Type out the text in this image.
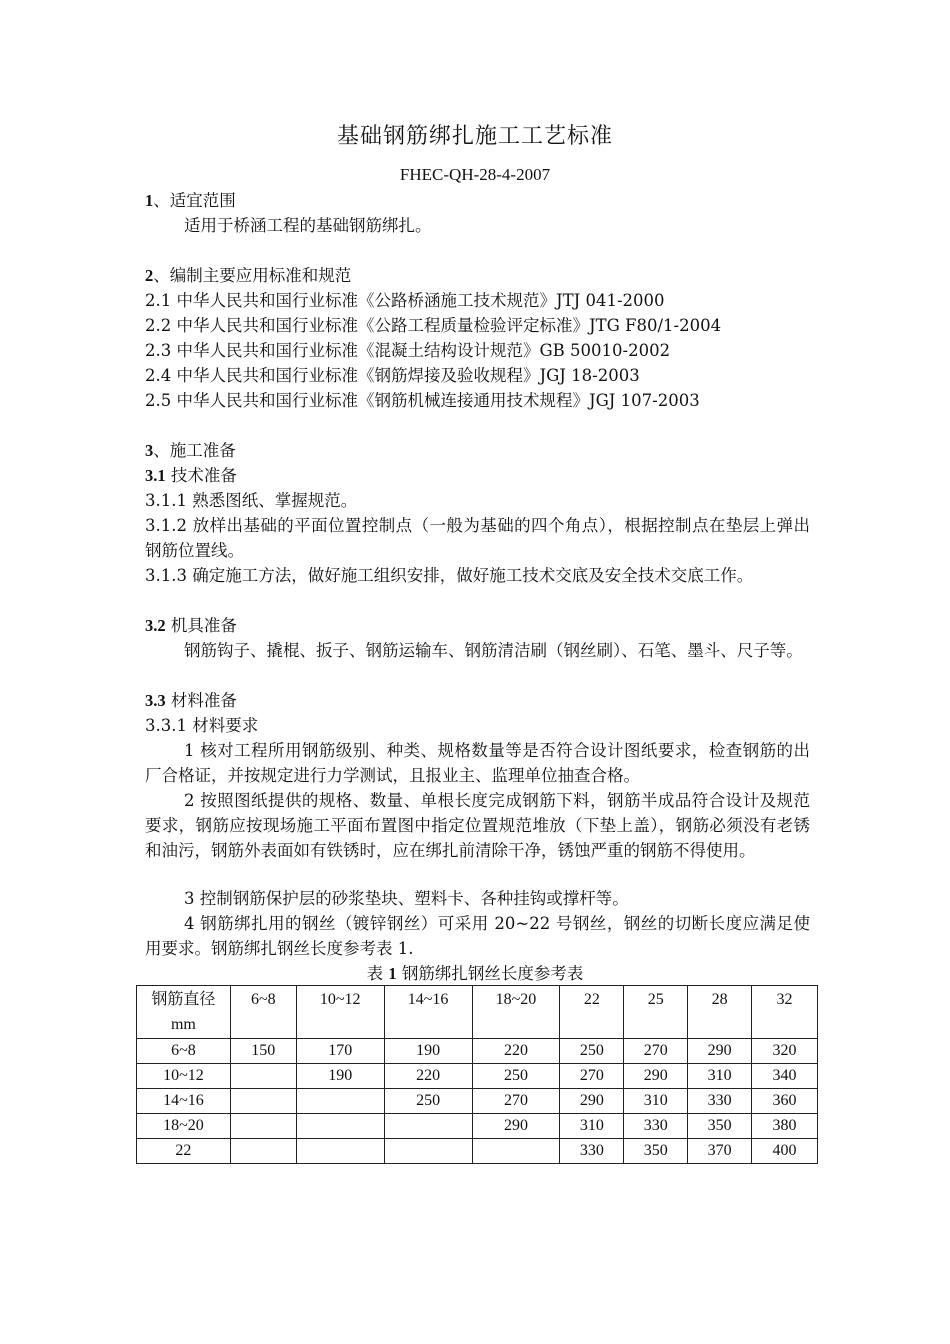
基础钢筋绑扎施工工艺标准
FHEC-QH-28-4-2007
1、适宜范围
适用于桥涵工程的基础钢筋绑扎。
2、编制主要应用标准和规范
2.1 中华人民共和国行业标准《公路桥涵施工技术规范》JTJ 041-2000
2.2 中华人民共和国行业标准《公路工程质量检验评定标准》JTG F80/1-2004
2.3 中华人民共和国行业标准《混凝土结构设计规范》GB 50010-2002
2.4 中华人民共和国行业标准《钢筋焊接及验收规程》JGJ 18-2003
2.5 中华人民共和国行业标准《钢筋机械连接通用技术规程》JGJ 107-2003
3、施工准备
3.1 技术准备
3.1.1 熟悉图纸、掌握规范。
3.1.2 放样出基础的平面位置控制点（一般为基础的四个角点），根据控制点在垫层上弹出钢筋位置线。
3.1.3 确定施工方法，做好施工组织安排，做好施工技术交底及安全技术交底工作。
3.2 机具准备
钢筋钩子、撬棍、扳子、钢筋运输车、钢筋清洁刷（钢丝刷）、石笔、墨斗、尺子等。
3.3 材料准备
3.3.1 材料要求
1 核对工程所用钢筋级别、种类、规格数量等是否符合设计图纸要求，检查钢筋的出厂合格证，并按规定进行力学测试，且报业主、监理单位抽查合格。
2 按照图纸提供的规格、数量、单根长度完成钢筋下料，钢筋半成品符合设计及规范要求，钢筋应按现场施工平面布置图中指定位置规范堆放（下垫上盖），钢筋必须没有老锈和油污，钢筋外表面如有铁锈时，应在绑扎前清除干净，锈蚀严重的钢筋不得使用。
3 控制钢筋保护层的砂浆垫块、塑料卡、各种挂钩或撑杆等。
4 钢筋绑扎用的钢丝（镀锌钢丝）可采用 20~22 号钢丝，钢丝的切断长度应满足使用要求。钢筋绑扎钢丝长度参考表 1.
表 1 钢筋绑扎钢丝长度参考表
钢筋直径
mm	6~8	10~12	14~16	18~20	22	25	28	32
6~8	150	170	190	220	250	270	290	320
10~12		190	220	250	270	290	310	340
14~16			250	270	290	310	330	360
18~20				290	310	330	350	380
22					330	350	370	400
